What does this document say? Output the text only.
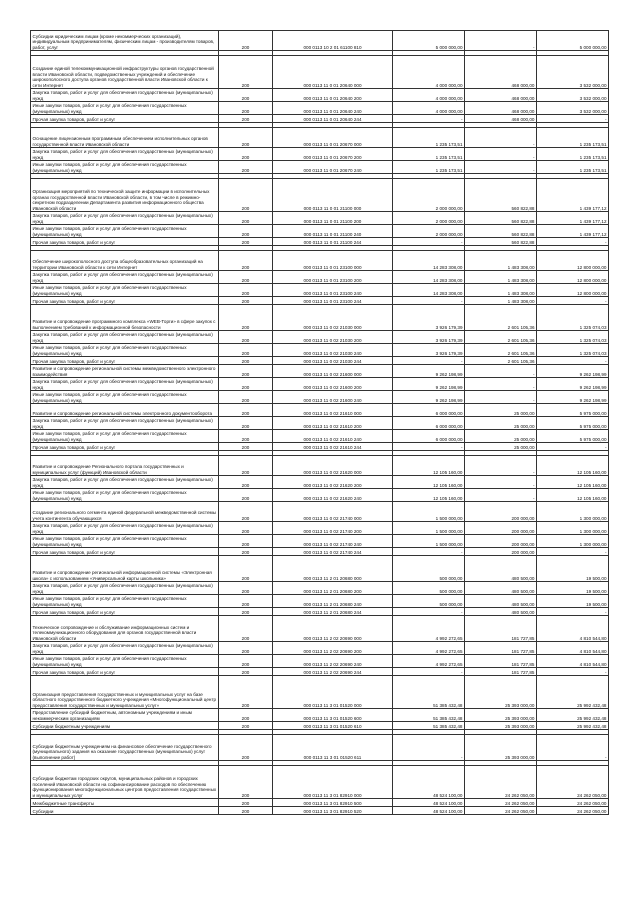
Субсидии юридическим лицам (кроме некоммерческих организаций), индивидуальным предпринимателям, физическим лицам - производителям товаров, работ, услуг	200	000 0113 10 2 01 61100 810	5 000 000,00	-	5 000 000,00

Создание единой телекоммуникационной инфраструктуры органов государственной власти Ивановской области, подведомственных учреждений и обеспечение широкополосного доступа органов государственной власти Ивановской области к сети Интернет	200	000 0113 11 0 01 20640 000	4 000 000,00	468 000,00	3 532 000,00
Закупка товаров, работ и услуг для обеспечения государственных (муниципальных) нужд	200	000 0113 11 0 01 20640 200	4 000 000,00	468 000,00	3 532 000,00
Иные закупки товаров, работ и услуг для обеспечения государственных (муниципальных) нужд	200	000 0113 11 0 01 20640 240	4 000 000,00	468 000,00	3 532 000,00
Прочая закупка товаров, работ и услуг	200	000 0113 11 0 01 20640 244	-	468 000,00	-

Оснащение лицензионным программным обеспечением исполнительных органов государственной власти Ивановской области	200	000 0113 11 0 01 20670 000	1 235 173,51	-	1 235 173,51
Закупка товаров, работ и услуг для обеспечения государственных (муниципальных) нужд	200	000 0113 11 0 01 20670 200	1 235 173,51	-	1 235 173,51
Иные закупки товаров, работ и услуг для обеспечения государственных (муниципальных) нужд	200	000 0113 11 0 01 20670 240	1 235 173,51	-	1 235 173,51

Организация мероприятий по технической защите информации в исполнительных органах государственной власти Ивановской области, в том числе в режимно-секретном подразделении Департамента развития информационного общества Ивановской области	200	000 0113 11 0 01 21100 000	2 000 000,00	560 822,88	1 439 177,12
Закупка товаров, работ и услуг для обеспечения государственных (муниципальных) нужд	200	000 0113 11 0 01 21100 200	2 000 000,00	560 822,88	1 439 177,12
Иные закупки товаров, работ и услуг для обеспечения государственных (муниципальных) нужд	200	000 0113 11 0 01 21100 240	2 000 000,00	560 822,88	1 439 177,12
Прочая закупка товаров, работ и услуг	200	000 0113 11 0 01 21100 244	-	560 822,88	-

Обеспечение широкополосного доступа общеобразовательных организаций на территории Ивановской области к сети Интернет	200	000 0113 11 0 01 23100 000	14 283 308,00	1 483 308,00	12 800 000,00
Закупка товаров, работ и услуг для обеспечения государственных (муниципальных) нужд	200	000 0113 11 0 01 23100 200	14 283 308,00	1 483 308,00	12 800 000,00
Иные закупки товаров, работ и услуг для обеспечения государственных (муниципальных) нужд	200	000 0113 11 0 01 23100 240	14 283 308,00	1 483 308,00	12 800 000,00
Прочая закупка товаров, работ и услуг	200	000 0113 11 0 01 23100 244	-	1 483 308,00	-
Развитие и сопровождение программного комплекса «WEB-Торги» в сфере закупок с выполнением требований к информационной безопасности	200	000 0113 11 0 02 21030 000	3 926 179,39	2 601 105,36	1 325 074,03
Закупка товаров, работ и услуг для обеспечения государственных (муниципальных) нужд	200	000 0113 11 0 02 21030 200	3 926 179,39	2 601 105,36	1 325 074,03
Иные закупки товаров, работ и услуг для обеспечения государственных (муниципальных) нужд	200	000 0113 11 0 02 21030 240	3 926 179,39	2 601 105,36	1 325 074,03
Прочая закупка товаров, работ и услуг	200	000 0113 11 0 02 21030 244	-	2 601 105,36	-
Развитие и сопровождение региональной системы межведомственного электронного взаимодействия	200	000 0113 11 0 02 21600 000	9 262 198,99	-	9 262 198,99
Закупка товаров, работ и услуг для обеспечения государственных (муниципальных) нужд	200	000 0113 11 0 02 21600 200	9 262 198,99	-	9 262 198,99
Иные закупки товаров, работ и услуг для обеспечения государственных (муниципальных) нужд	200	000 0113 11 0 02 21600 240	9 262 198,99	-	9 262 198,99
Развитие и сопровождение региональной системы электронного документооборота	200	000 0113 11 0 02 21610 000	6 000 000,00	25 000,00	5 975 000,00
Закупка товаров, работ и услуг для обеспечения государственных (муниципальных) нужд	200	000 0113 11 0 02 21610 200	6 000 000,00	25 000,00	5 975 000,00
Иные закупки товаров, работ и услуг для обеспечения государственных (муниципальных) нужд	200	000 0113 11 0 02 21610 240	6 000 000,00	25 000,00	5 975 000,00
Прочая закупка товаров, работ и услуг	200	000 0113 11 0 02 21610 244	-	25 000,00	-

Развитие и сопровождение Регионального портала государственных и муниципальных услуг (функций) Ивановской области	200	000 0113 11 0 02 21620 000	12 105 160,00	-	12 105 160,00
Закупка товаров, работ и услуг для обеспечения государственных (муниципальных) нужд	200	000 0113 11 0 02 21620 200	12 105 160,00	-	12 105 160,00
Иные закупки товаров, работ и услуг для обеспечения государственных (муниципальных) нужд	200	000 0113 11 0 02 21620 240	12 105 160,00	-	12 105 160,00
Создание регионального сегмента единой федеральной межведомственной системы учета контингента обучающихся	200	000 0113 11 0 02 21740 000	1 500 000,00	200 000,00	1 300 000,00
Закупка товаров, работ и услуг для обеспечения государственных (муниципальных) нужд	200	000 0113 11 0 02 21740 200	1 500 000,00	200 000,00	1 300 000,00
Иные закупки товаров, работ и услуг для обеспечения государственных (муниципальных) нужд	200	000 0113 11 0 02 21740 240	1 500 000,00	200 000,00	1 300 000,00
Прочая закупка товаров, работ и услуг	200	000 0113 11 0 02 21740 244	-	200 000,00	-
Развитие и сопровождение региональной информационной системы «Электронная школа» с использованием «Универсальной карты школьника»	200	000 0113 11 2 01 20680 000	500 000,00	480 500,00	19 500,00
Закупка товаров, работ и услуг для обеспечения государственных (муниципальных) нужд	200	000 0113 11 2 01 20680 200	500 000,00	480 500,00	19 500,00
Иные закупки товаров, работ и услуг для обеспечения государственных (муниципальных) нужд	200	000 0113 11 2 01 20680 240	500 000,00	480 500,00	19 500,00
Прочая закупка товаров, работ и услуг	200	000 0113 11 2 01 20680 244	-	480 500,00	-
Техническое сопровождение и обслуживание информационных систем и телекоммуникационного оборудования для органов государственной власти Ивановской области	200	000 0113 11 2 02 20690 000	4 992 272,65	181 727,85	4 810 544,80
Закупка товаров, работ и услуг для обеспечения государственных (муниципальных) нужд	200	000 0113 11 2 02 20690 200	4 992 272,65	181 727,85	4 810 544,80
Иные закупки товаров, работ и услуг для обеспечения государственных (муниципальных) нужд	200	000 0113 11 2 02 20690 240	4 992 272,65	181 727,85	4 810 544,80
Прочая закупка товаров, работ и услуг	200	000 0113 11 2 02 20690 244	-	181 727,85	-
Организация предоставления государственных и муниципальных услуг на базе областного государственного бюджетного учреждения «Многофункциональный центр предоставления государственных и муниципальных услуг»	200	000 0113 11 3 01 01520 000	51 385 432,48	25 393 000,00	25 992 432,48
Предоставление субсидий бюджетным, автономным учреждениям и иным некоммерческим организациям	200	000 0113 11 3 01 01520 600	51 385 432,48	25 393 000,00	25 992 432,48
Субсидии бюджетным учреждениям	200	000 0113 11 3 01 01520 610	51 385 432,48	25 393 000,00	25 992 432,48

Субсидии бюджетным учреждениям на финансовое обеспечение государственного (муниципального) задания на оказание государственных (муниципальных) услуг (выполнение работ)	200	000 0113 11 3 01 01520 611	-	25 393 000,00	-

Субсидии бюджетам городских округов, муниципальных районов и городских поселений Ивановской области на софинансирование расходов по обеспечению функционирования многофункциональных центров предоставления государственных и муниципальных услуг	200	000 0113 11 3 01 82910 000	48 524 100,00	24 262 050,00	24 262 050,00
Межбюджетные трансферты	200	000 0113 11 3 01 82910 500	48 524 100,00	24 262 050,00	24 262 050,00
Субсидии	200	000 0113 11 3 01 82910 520	48 524 100,00	24 262 050,00	24 262 050,00
